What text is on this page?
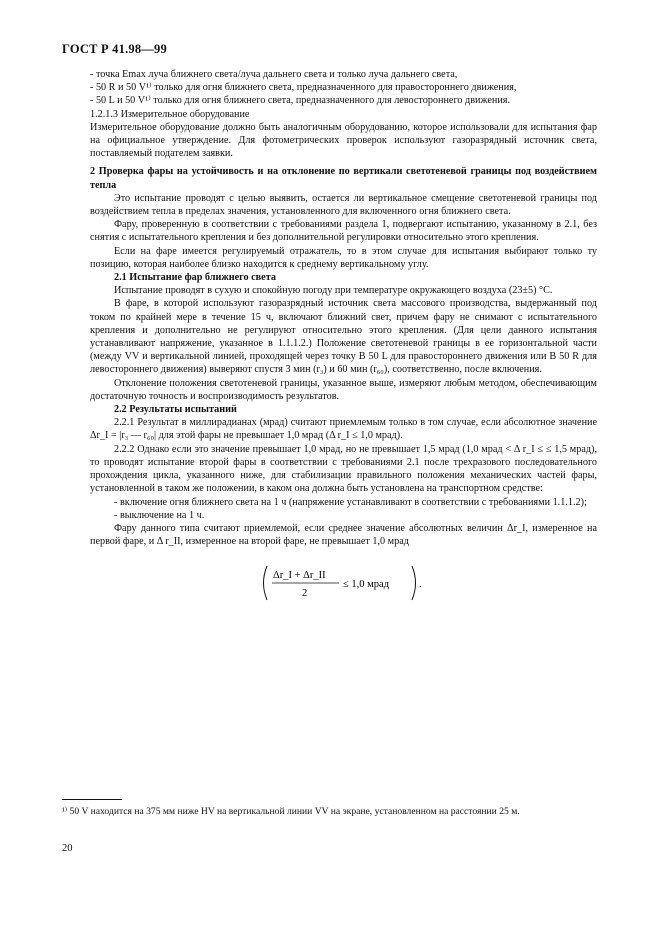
ГОСТ Р 41.98—99

- точка Emax луча ближнего света/луча дальнего света и только луча дальнего света,

- 50 R и 50 V¹⁾ только для огня ближнего света, предназначенного для правостороннего движения,

- 50 L и 50 V¹⁾ только для огня ближнего света, предназначенного для левостороннего движения.

1.2.1.3 Измерительное оборудование

Измерительное оборудование должно быть аналогичным оборудованию, которое использовали для испытания фар на официальное утверждение. Для фотометрических проверок используют газоразрядный источник света, поставляемый подателем заявки.

2 Проверка фары на устойчивость и на отклонение по вертикали светотеневой границы под воздействием тепла

Это испытание проводят с целью выявить, остается ли вертикальное смещение светотеневой границы под воздействием тепла в пределах значения, установленного для включенного огня ближнего света.

Фару, проверенную в соответствии с требованиями раздела 1, подвергают испытанию, указанному в 2.1, без снятия с испытательного крепления и без дополнительной регулировки относительно этого крепления.

Если на фаре имеется регулируемый отражатель, то в этом случае для испытания выбирают только ту позицию, которая наиболее близко находится к среднему вертикальному углу.

2.1 Испытание фар ближнего света

Испытание проводят в сухую и спокойную погоду при температуре окружающего воздуха (23±5) °С.

В фаре, в которой используют газоразрядный источник света массового производства, выдержанный под током по крайней мере в течение 15 ч, включают ближний свет, причем фару не снимают с испытательного крепления и дополнительно не регулируют относительно этого крепления. (Для цели данного испытания устанавливают напряжение, указанное в 1.1.1.2.) Положение светотеневой границы в ее горизонтальной части (между VV и вертикальной линией, проходящей через точку B 50 L для правостороннего движения или B 50 R для левостороннего движения) выверяют спустя 3 мин (r₃) и 60 мин (r₆₀), соответственно, после включения.

Отклонение положения светотеневой границы, указанное выше, измеряют любым методом, обеспечивающим достаточную точность и воспроизводимость результатов.

2.2 Результаты испытаний

2.2.1 Результат в миллирадианах (мрад) считают приемлемым только в том случае, если абсолютное значение Δr_I = |r₃ — r₆₀| для этой фары не превышает 1,0 мрад (Δ r_I ≤ 1,0 мрад).

2.2.2 Однако если это значение превышает 1,0 мрад, но не превышает 1,5 мрад (1,0 мрад < Δ r_I ≤ ≤ 1,5 мрад), то проводят испытание второй фары в соответствии с требованиями 2.1 после трехразового последовательного прохождения цикла, указанного ниже, для стабилизации правильного положения механических частей фары, установленной в таком же положении, в каком она должна быть установлена на транспортном средстве:

- включение огня ближнего света на 1 ч (напряжение устанавливают в соответствии с требованиями 1.1.1.2);

- выключение на 1 ч.

Фару данного типа считают приемлемой, если среднее значение абсолютных величин Δr_I, измеренное на первой фаре, и Δ r_II, измеренное на второй фаре, не превышает 1,0 мрад

Δr_I + Δr_II
2
≤ 1,0 мрад	.
¹⁾ 50 V находится на 375 мм ниже HV на вертикальной линии VV на экране, установленном на расстоянии 25 м.
20
